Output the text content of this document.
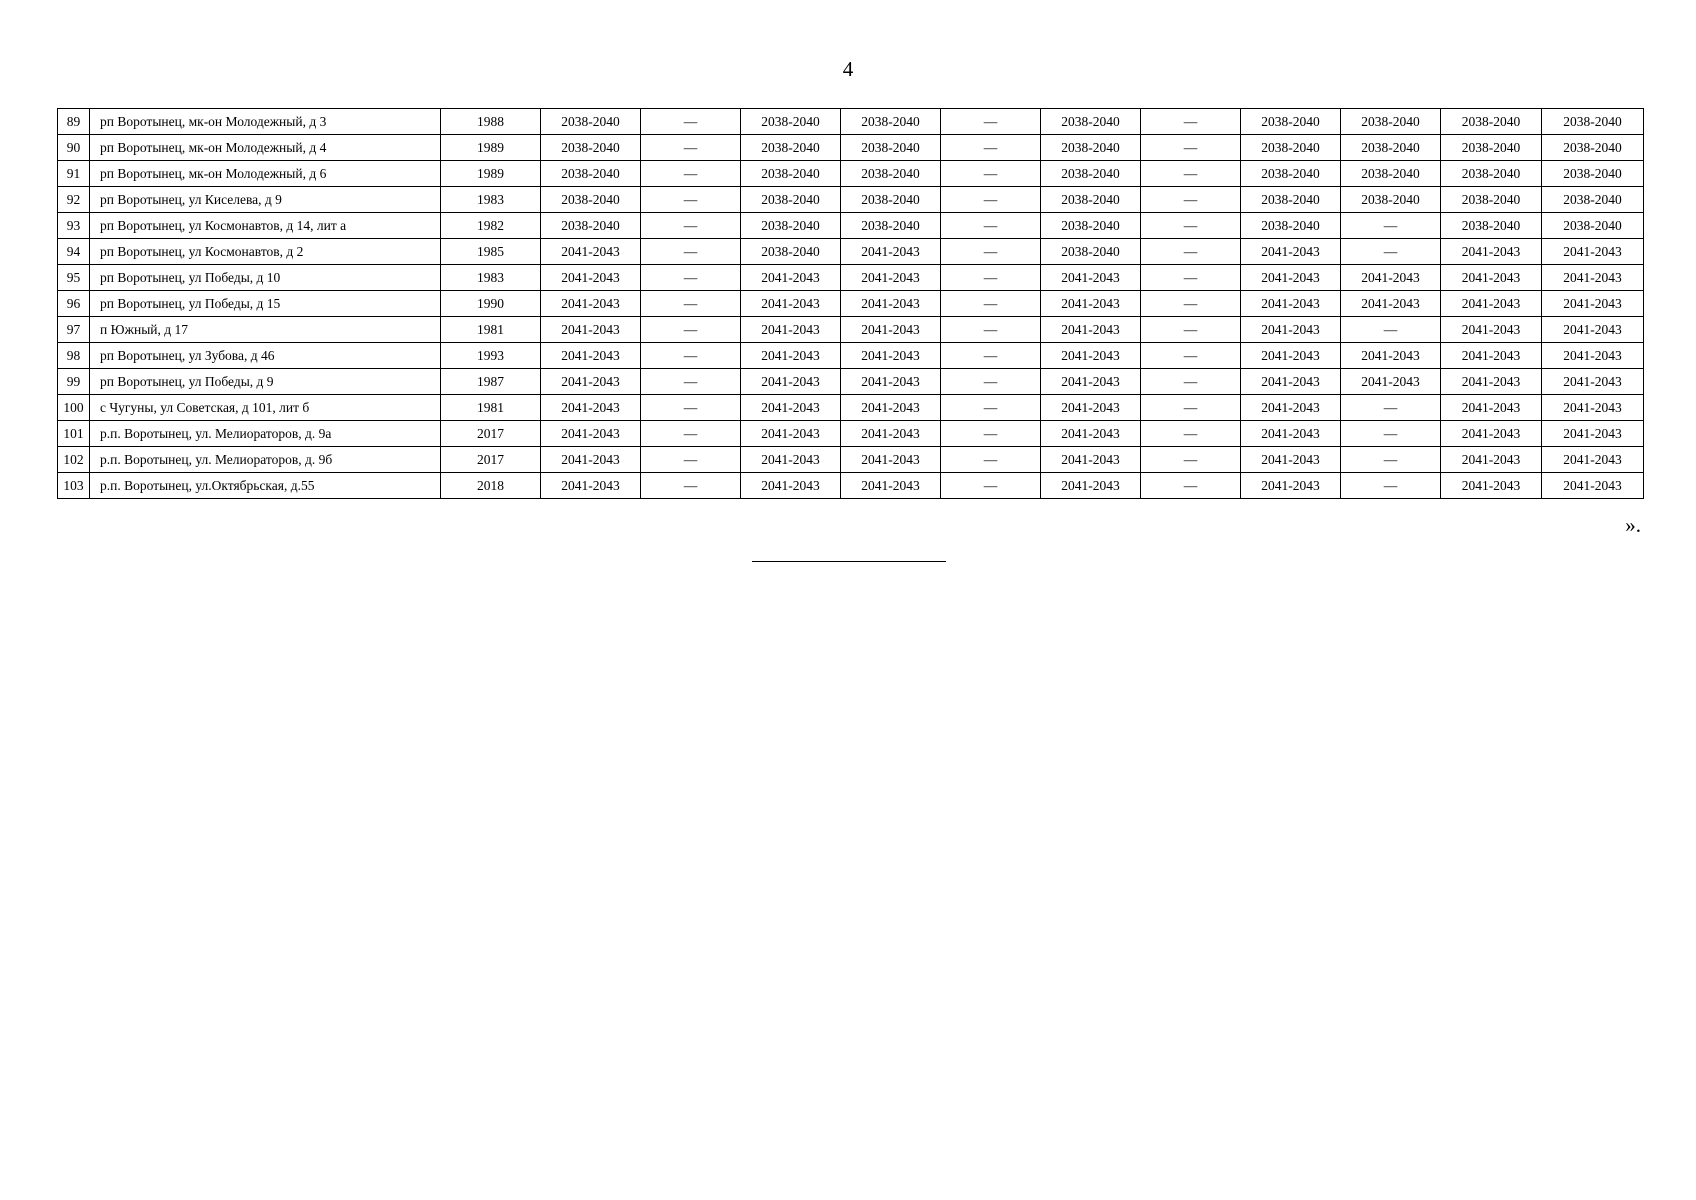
4
89	рп Воротынец, мк-он Молодежный, д 3	1988	2038-2040	—	2038-2040	2038-2040	—	2038-2040	—	2038-2040	2038-2040	2038-2040	2038-2040
90	рп Воротынец, мк-он Молодежный, д 4	1989	2038-2040	—	2038-2040	2038-2040	—	2038-2040	—	2038-2040	2038-2040	2038-2040	2038-2040
91	рп Воротынец, мк-он Молодежный, д 6	1989	2038-2040	—	2038-2040	2038-2040	—	2038-2040	—	2038-2040	2038-2040	2038-2040	2038-2040
92	рп Воротынец, ул Киселева, д 9	1983	2038-2040	—	2038-2040	2038-2040	—	2038-2040	—	2038-2040	2038-2040	2038-2040	2038-2040
93	рп Воротынец, ул Космонавтов, д 14, лит а	1982	2038-2040	—	2038-2040	2038-2040	—	2038-2040	—	2038-2040	—	2038-2040	2038-2040
94	рп Воротынец, ул Космонавтов, д 2	1985	2041-2043	—	2038-2040	2041-2043	—	2038-2040	—	2041-2043	—	2041-2043	2041-2043
95	рп Воротынец, ул Победы, д 10	1983	2041-2043	—	2041-2043	2041-2043	—	2041-2043	—	2041-2043	2041-2043	2041-2043	2041-2043
96	рп Воротынец, ул Победы, д 15	1990	2041-2043	—	2041-2043	2041-2043	—	2041-2043	—	2041-2043	2041-2043	2041-2043	2041-2043
97	п Южный, д 17	1981	2041-2043	—	2041-2043	2041-2043	—	2041-2043	—	2041-2043	—	2041-2043	2041-2043
98	рп Воротынец, ул Зубова, д 46	1993	2041-2043	—	2041-2043	2041-2043	—	2041-2043	—	2041-2043	2041-2043	2041-2043	2041-2043
99	рп Воротынец, ул Победы, д 9	1987	2041-2043	—	2041-2043	2041-2043	—	2041-2043	—	2041-2043	2041-2043	2041-2043	2041-2043
100	с Чугуны, ул Советская, д 101, лит б	1981	2041-2043	—	2041-2043	2041-2043	—	2041-2043	—	2041-2043	—	2041-2043	2041-2043
101	р.п. Воротынец, ул. Мелиораторов, д. 9а	2017	2041-2043	—	2041-2043	2041-2043	—	2041-2043	—	2041-2043	—	2041-2043	2041-2043
102	р.п. Воротынец, ул. Мелиораторов, д. 9б	2017	2041-2043	—	2041-2043	2041-2043	—	2041-2043	—	2041-2043	—	2041-2043	2041-2043
103	р.п. Воротынец, ул.Октябрьская, д.55	2018	2041-2043	—	2041-2043	2041-2043	—	2041-2043	—	2041-2043	—	2041-2043	2041-2043
».
